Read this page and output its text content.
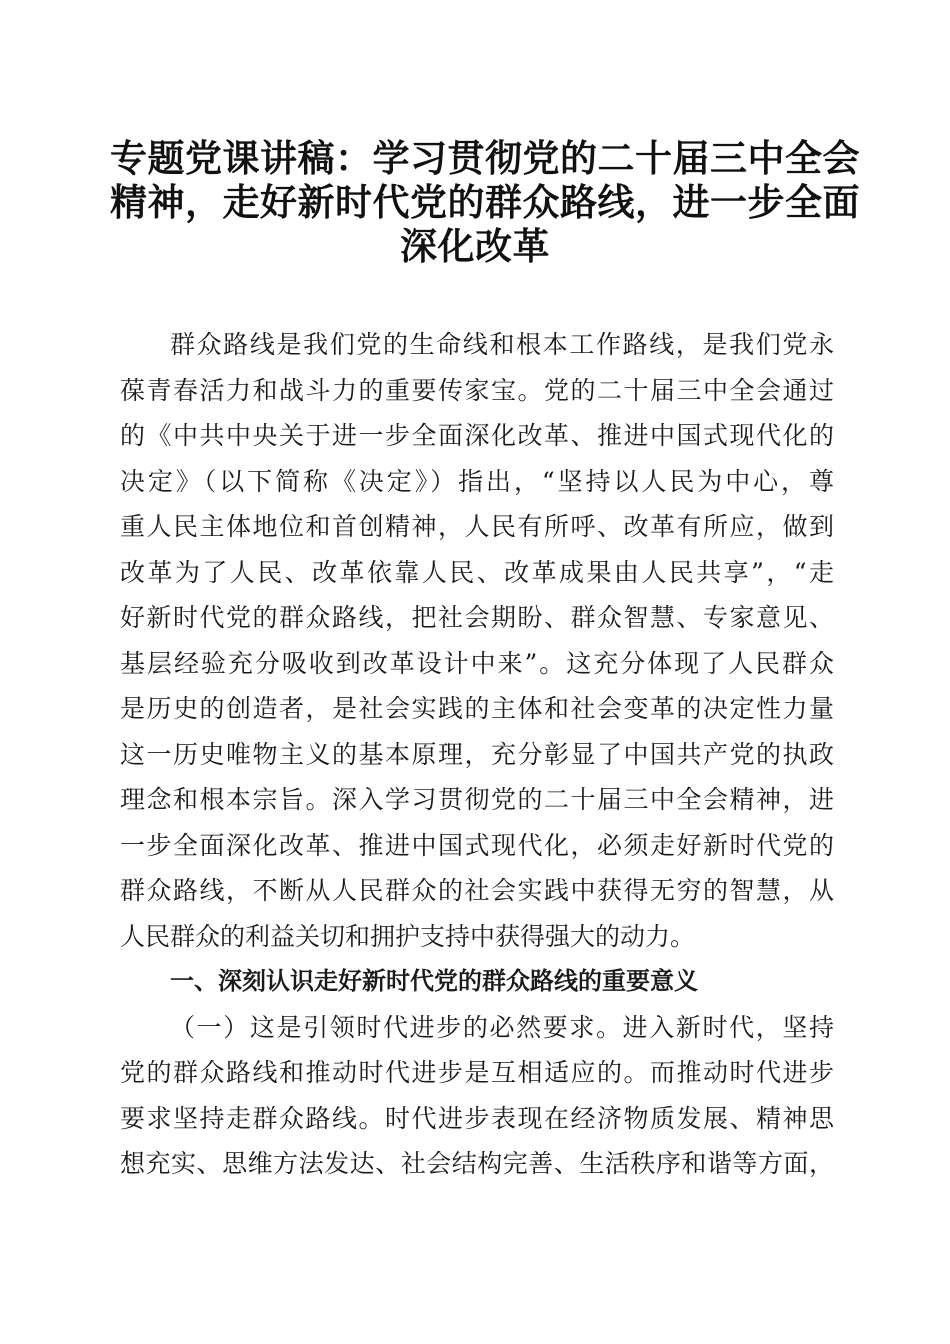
专题党课讲稿：学习贯彻党的二十届三中全会
精神，走好新时代党的群众路线，进一步全面
深化改革
群众路线是我们党的生命线和根本工作路线，是我们党永
葆青春活力和战斗力的重要传家宝。党的二十届三中全会通过
的《中共中央关于进一步全面深化改革、推进中国式现代化的
决定》（以下简称《决定》）指出，“坚持以人民为中心，尊
重人民主体地位和首创精神，人民有所呼、改革有所应，做到
改革为了人民、改革依靠人民、改革成果由人民共享”，“走
好新时代党的群众路线，把社会期盼、群众智慧、专家意见、
基层经验充分吸收到改革设计中来”。这充分体现了人民群众
是历史的创造者，是社会实践的主体和社会变革的决定性力量
这一历史唯物主义的基本原理，充分彰显了中国共产党的执政
理念和根本宗旨。深入学习贯彻党的二十届三中全会精神，进
一步全面深化改革、推进中国式现代化，必须走好新时代党的
群众路线，不断从人民群众的社会实践中获得无穷的智慧，从
人民群众的利益关切和拥护支持中获得强大的动力。
一、深刻认识走好新时代党的群众路线的重要意义
（一）这是引领时代进步的必然要求。进入新时代，坚持
党的群众路线和推动时代进步是互相适应的。而推动时代进步
要求坚持走群众路线。时代进步表现在经济物质发展、精神思
想充实、思维方法发达、社会结构完善、生活秩序和谐等方面，
